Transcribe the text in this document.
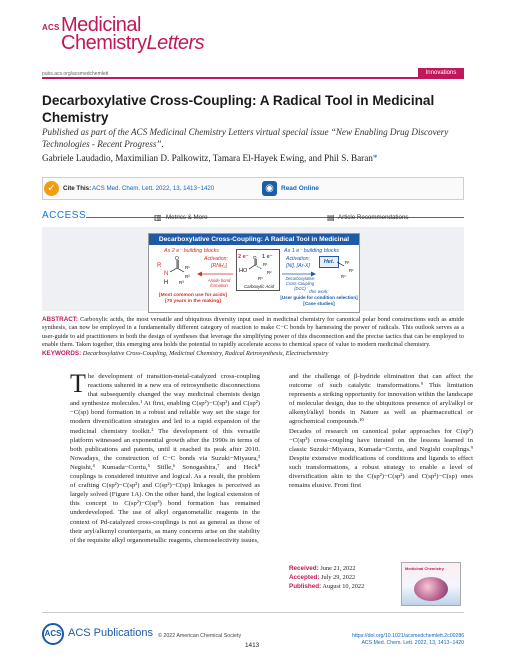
ACS Medicinal
ChemistryLetters
pubs.acs.org/acsmedchemlett	Innovations
Decarboxylative Cross-Coupling: A Radical Tool in Medicinal Chemistry
Published as part of the ACS Medicinal Chemistry Letters virtual special issue “New Enabling Drug Discovery Technologies - Recent Progress”.
Gabriele Laudadio, Maximilian D. Palkowitz, Tamara El-Hayek Ewing, and Phil S. Baran*
✓	Cite This: ACS Med. Chem. Lett. 2022, 13, 1413−1420	◉	Read Online
ACCESS	▥ Metrics & More	▤ Article Recommendations
Decarboxylative Cross-Coupling: A Radical Tool in Medicinal
As 2 e⁻ building blocks	As 1 e⁻ building blocks
R
N
H
O
R¹
R²
R³
Activation;
[RNH₂]
Amide bond formation
2 e⁻ 1 e⁻
HO
O
R¹
R²
R³
Carboxylic Acid
Activation;
[Ni], [Ar-X]
Decarboxylative
Cross-Coupling
(DCC)
Het.	R¹
R²
R³
[Most common use for acids]
[70 years in the making]
this work:
[User guide for condition selection]
[Case studies]

ABSTRACT: Carboxylic acids, the most versatile and ubiquitous diversity input used in medicinal chemistry for canonical polar bond constructions such as amide synthesis, can now be employed in a fundamentally different category of reaction to make C−C bonds by harnessing the power of radicals. This outlook serves as a user-guide to aid practitioners in both the design of syntheses that leverage the simplifying power of this disconnection and the precise tactics that can be employed to enable them. Taken together, this emerging area holds the potential to rapidly accelerate access to chemical space of value to modern medicinal chemistry.

KEYWORDS: Decarboxylative Cross-Coupling, Medicinal Chemistry, Radical Retrosynthesis, Electrochemistry

The development of transition-metal-catalyzed cross-coupling reactions ushered in a new era of retrosynthetic disconnections that subsequently changed the way medicinal chemists design and synthesize molecules.¹ At first, enabling C(sp²)−C(sp²) and C(sp²)−C(sp) bond formation in a robust and reliable way set the stage for modern diversification strategies and led to a rapid expansion of the medicinal chemistry toolkit.² The development of this versatile platform witnessed an exponential growth after the 1990s in terms of both publications and patents, until it reached its peak after 2010. Nowadays, the construction of C−C bonds via Suzuki−Miyaura,³ Negishi,⁴ Kumada−Corriu,⁵ Stille,⁶ Sonogashira,⁷ and Heck⁸ couplings is considered intuitive and logical. As a result, the problem of crafting C(sp²)−C(sp²) and C(sp²)−C(sp) linkages is perceived as largely solved (Figure 1A). On the other hand, the logical extension of this concept to C(sp²)−C(sp³) bond formation has remained underdeveloped. The use of alkyl organometallic reagents in the context of Pd-catalyzed cross-couplings is not as general as those of their aryl/alkenyl counterparts, as many concerns arise on the stability of the requisite alkyl organometallic reagents, chemoselectivity issues,
and the challenge of β-hydride elimination that can affect the outcome of such catalytic transformations.⁹ This limitation represents a striking opportunity for innovation within the landscape of molecular design, due to the ubiquitous presence of aryl/alkyl or alkenyl/alkyl bonds in Nature as well as pharmaceutical or agrochemical compounds.¹⁰
Decades of research on canonical polar approaches for C(sp²)−C(sp³) cross-coupling have iterated on the lessons learned in classic Suzuki−Miyaura, Kumada−Corriu, and Negishi couplings.⁹ Despite extensive modifications of conditions and ligands to effect such transformations, a robust strategy to enable a level of diversification akin to the C(sp²)−C(sp²) and C(sp²)−C(sp) ones remains elusive. From first
Received: June 21, 2022
Accepted: July 29, 2022
Published: August 10, 2022
Medicinal Chemistry
ACS ACS Publications © 2022 American Chemical Society
1413
https://doi.org/10.1021/acsmedchemlett.2c00286
ACS Med. Chem. Lett. 2022, 13, 1413−1420
